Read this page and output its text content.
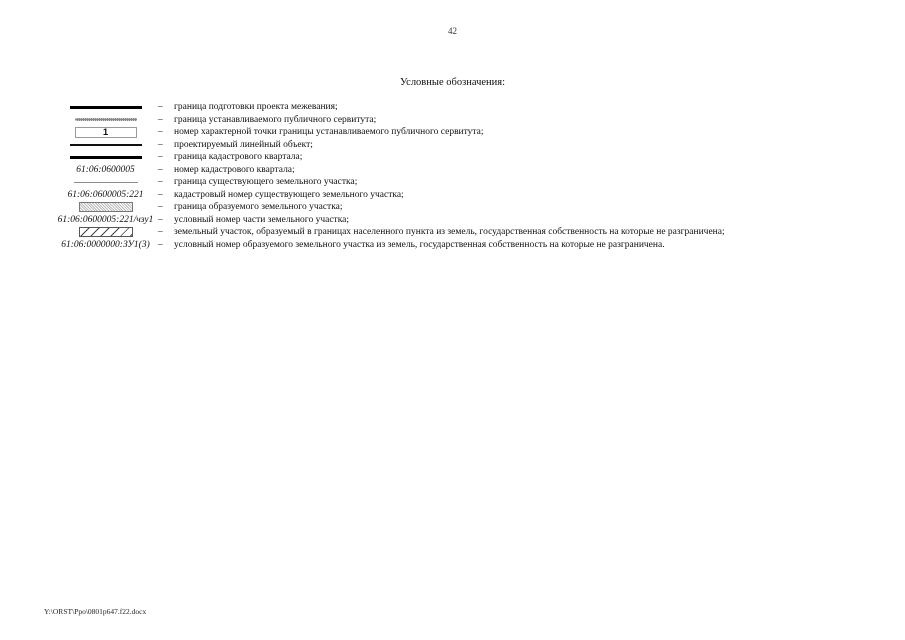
42
Условные обозначения:
– граница подготовки проекта межевания;
– граница устанавливаемого публичного сервитута;
1	– номер характерной точки границы устанавливаемого публичного сервитута;
– проектируемый линейный объект;
– граница кадастрового квартала;
61:06:0600005 – номер кадастрового квартала;
– граница существующего земельного участка;
61:06:0600005:221 – кадастровый номер существующего земельного участка;
– граница образуемого земельного участка;
61:06:0600005:221/чзу1 – условный номер части земельного участка;
– земельный участок, образуемый в границах населенного пункта из земель, государственная собственность на которые не разграничена;
61:06:0000000:ЗУ1(3) – условный номер образуемого земельного участка из земель, государственная собственность на которые не разграничена.
Y:\ORST\Ppo\0801p647.f22.docx
